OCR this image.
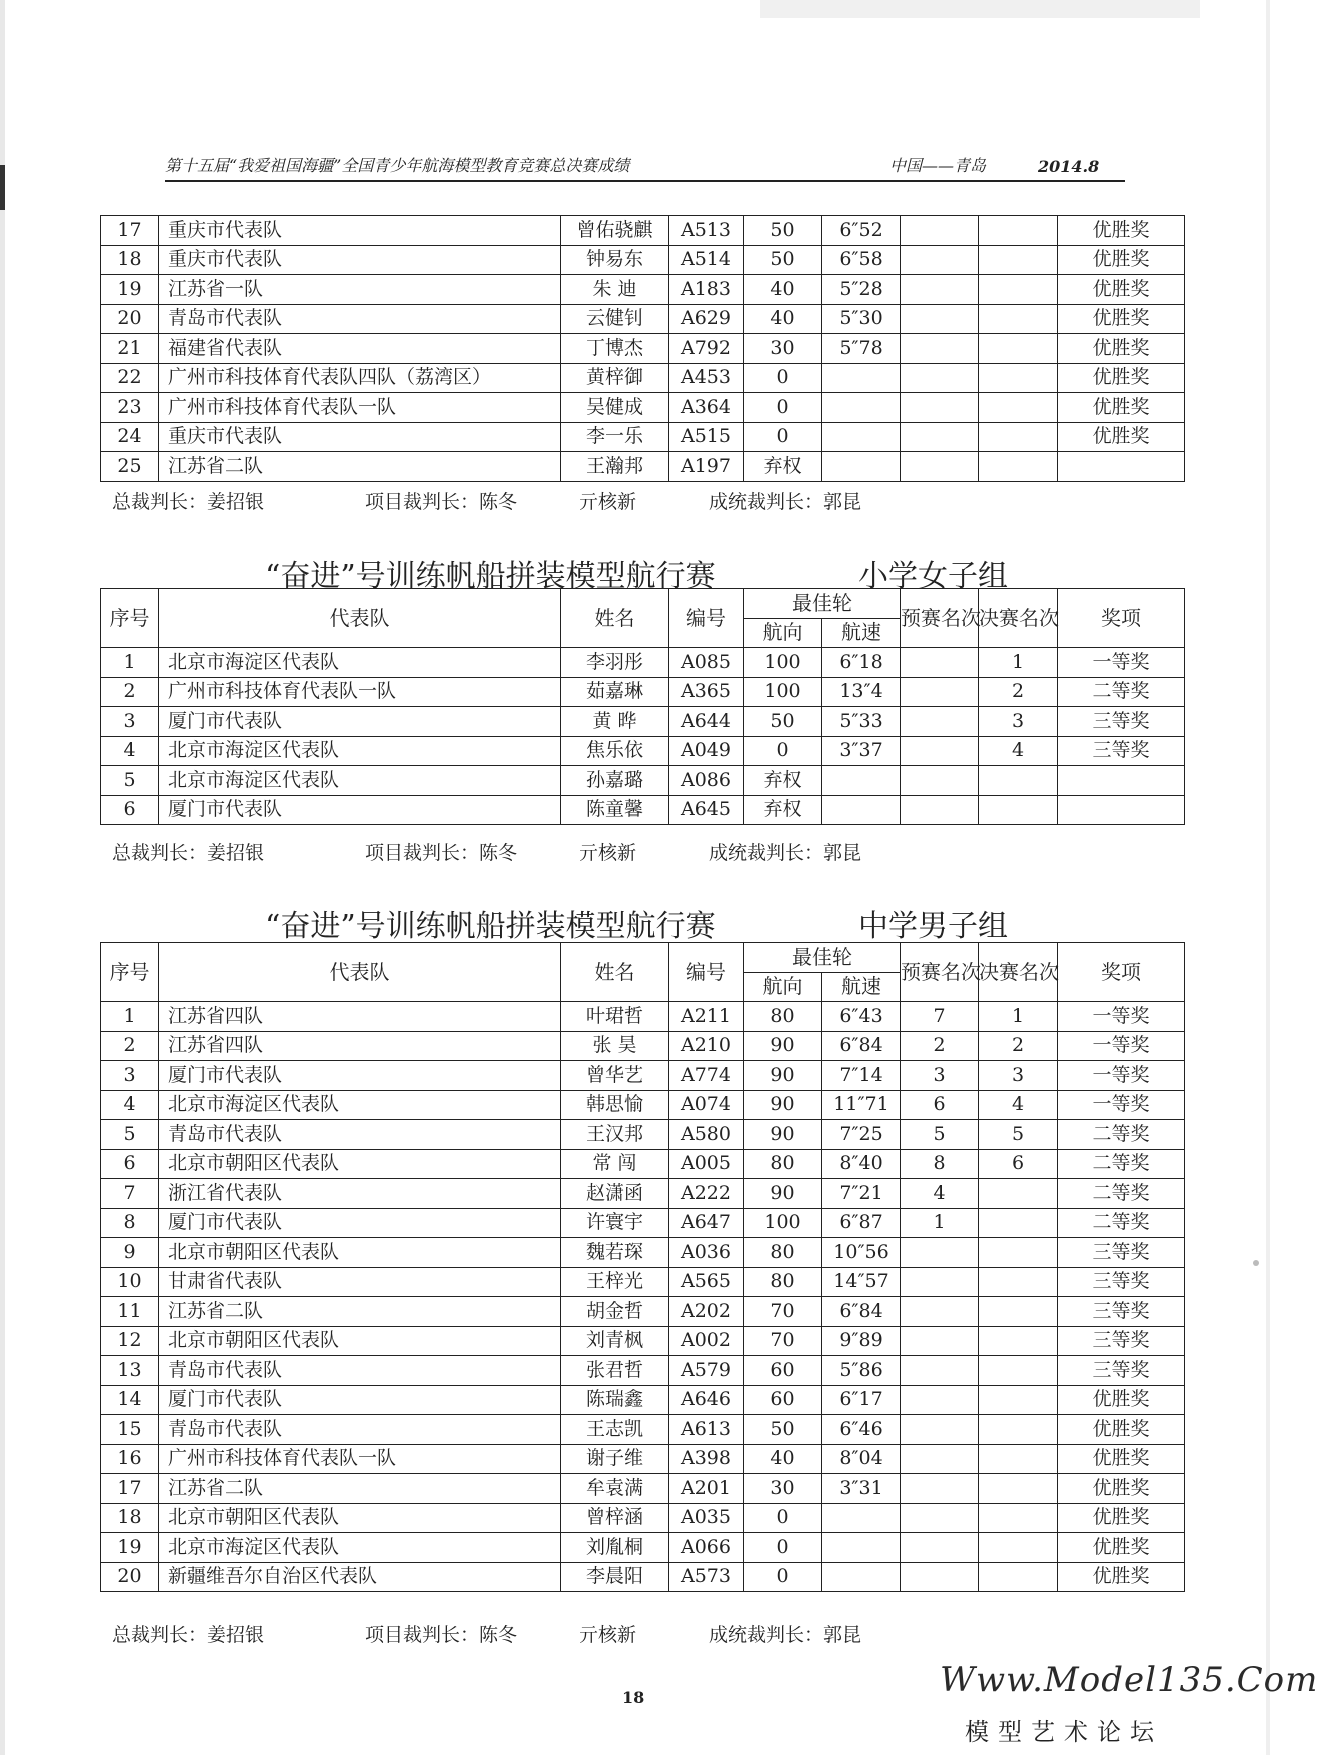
第十五届“我爱祖国海疆”全国青少年航海模型教育竞赛总决赛成绩	中国——青岛	2014.8
17	重庆市代表队	曾佑骁麒	A513	50	6″52			优胜奖
18	重庆市代表队	钟易东	A514	50	6″58			优胜奖
19	江苏省一队	朱 迪	A183	40	5″28			优胜奖
20	青岛市代表队	云健钊	A629	40	5″30			优胜奖
21	福建省代表队	丁博杰	A792	30	5″78			优胜奖
22	广州市科技体育代表队四队（荔湾区）	黄梓御	A453	0				优胜奖
23	广州市科技体育代表队一队	吴健成	A364	0				优胜奖
24	重庆市代表队	李一乐	A515	0				优胜奖
25	江苏省二队	王瀚邦	A197	弃权				
总裁判长：姜招银	项目裁判长：陈冬	亓核新	成统裁判长：郭昆
“奋进”号训练帆船拼装模型航行赛	小学女子组
序号	代表队	姓名	编号	最佳轮		预赛名次	决赛名次	奖项
				航向	航速			
1	北京市海淀区代表队	李羽彤	A085	100	6″18		1	一等奖
2	广州市科技体育代表队一队	茹嘉琳	A365	100	13″4		2	二等奖
3	厦门市代表队	黄 晔	A644	50	5″33		3	三等奖
4	北京市海淀区代表队	焦乐依	A049	0	3″37		4	三等奖
5	北京市海淀区代表队	孙嘉璐	A086	弃权				
6	厦门市代表队	陈童馨	A645	弃权				
总裁判长：姜招银	项目裁判长：陈冬	亓核新	成统裁判长：郭昆
“奋进”号训练帆船拼装模型航行赛	中学男子组
序号	代表队	姓名	编号	最佳轮		预赛名次	决赛名次	奖项
				航向	航速			
1	江苏省四队	叶珺哲	A211	80	6″43	7	1	一等奖
2	江苏省四队	张 昊	A210	90	6″84	2	2	一等奖
3	厦门市代表队	曾华艺	A774	90	7″14	3	3	一等奖
4	北京市海淀区代表队	韩思愉	A074	90	11″71	6	4	一等奖
5	青岛市代表队	王汉邦	A580	90	7″25	5	5	二等奖
6	北京市朝阳区代表队	常 闯	A005	80	8″40	8	6	二等奖
7	浙江省代表队	赵潇函	A222	90	7″21	4		二等奖
8	厦门市代表队	许寰宇	A647	100	6″87	1		二等奖
9	北京市朝阳区代表队	魏若琛	A036	80	10″56			三等奖
10	甘肃省代表队	王梓光	A565	80	14″57			三等奖
11	江苏省二队	胡金哲	A202	70	6″84			三等奖
12	北京市朝阳区代表队	刘青枫	A002	70	9″89			三等奖
13	青岛市代表队	张君哲	A579	60	5″86			三等奖
14	厦门市代表队	陈瑞鑫	A646	60	6″17			优胜奖
15	青岛市代表队	王志凯	A613	50	6″46			优胜奖
16	广州市科技体育代表队一队	谢子维	A398	40	8″04			优胜奖
17	江苏省二队	牟袁满	A201	30	3″31			优胜奖
18	北京市朝阳区代表队	曾梓涵	A035	0				优胜奖
19	北京市海淀区代表队	刘胤桐	A066	0				优胜奖
20	新疆维吾尔自治区代表队	李晨阳	A573	0				优胜奖
总裁判长：姜招银	项目裁判长：陈冬	亓核新	成统裁判长：郭昆
18	Www.Model135.Com
模型艺术论坛
